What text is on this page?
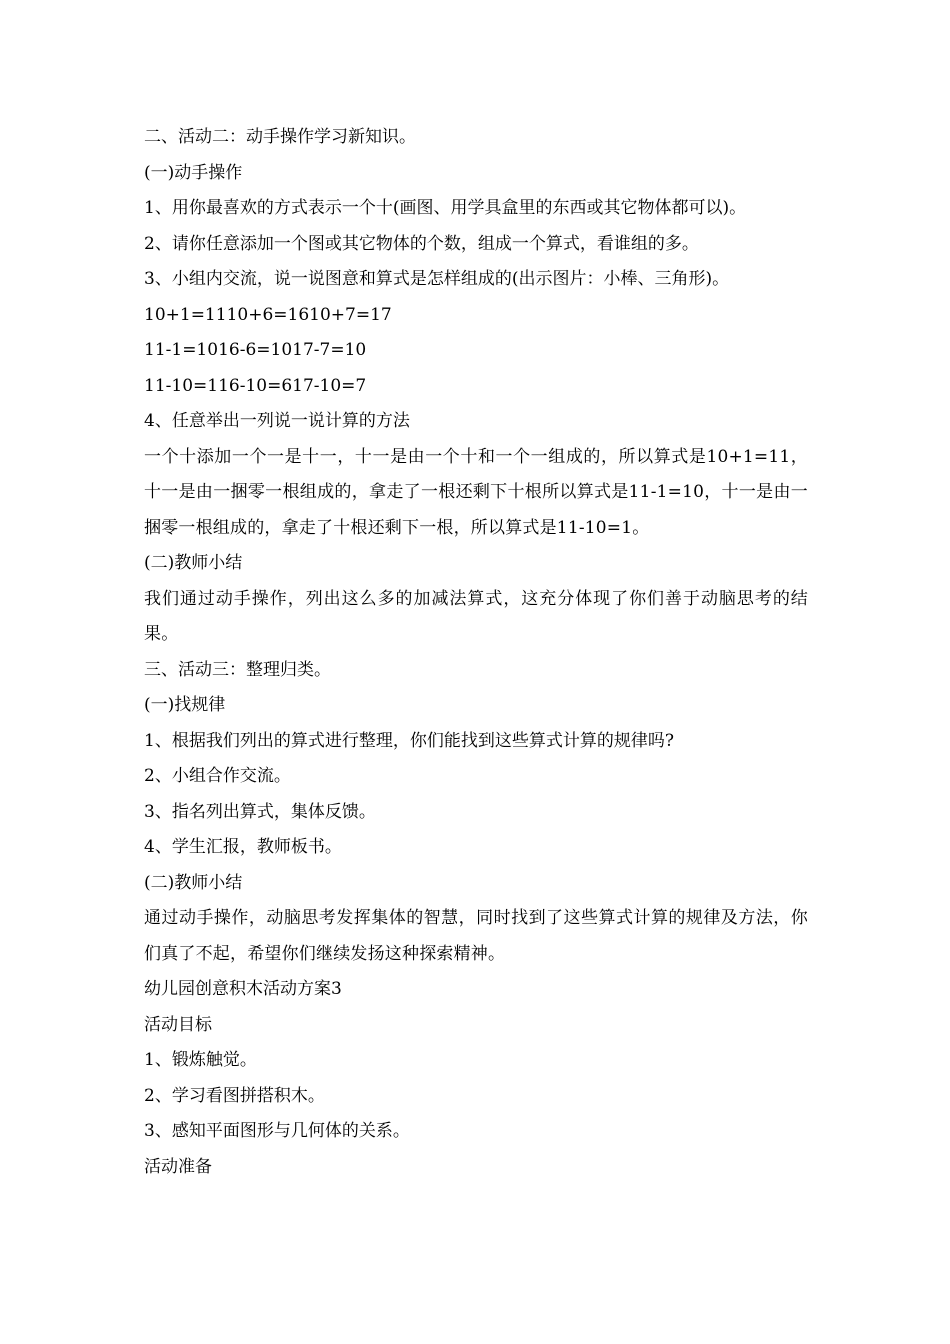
二、活动二：动手操作学习新知识。

(一)动手操作

1、用你最喜欢的方式表示一个十(画图、用学具盒里的东西或其它物体都可以)。

2、请你任意添加一个图或其它物体的个数，组成一个算式，看谁组的多。

3、小组内交流，说一说图意和算式是怎样组成的(出示图片：小棒、三角形)。

10+1=1110+6=1610+7=17

11-1=1016-6=1017-7=10

11-10=116-10=617-10=7

4、任意举出一列说一说计算的方法

一个十添加一个一是十一，十一是由一个十和一个一组成的，所以算式是10+1=11，十一是由一捆零一根组成的，拿走了一根还剩下十根所以算式是11-1=10，十一是由一捆零一根组成的，拿走了十根还剩下一根，所以算式是11-10=1。

(二)教师小结

我们通过动手操作，列出这么多的加减法算式，这充分体现了你们善于动脑思考的结果。

三、活动三：整理归类。

(一)找规律

1、根据我们列出的算式进行整理，你们能找到这些算式计算的规律吗?

2、小组合作交流。

3、指名列出算式，集体反馈。

4、学生汇报，教师板书。

(二)教师小结

通过动手操作，动脑思考发挥集体的智慧，同时找到了这些算式计算的规律及方法，你们真了不起，希望你们继续发扬这种探索精神。

幼儿园创意积木活动方案3

活动目标

1、锻炼触觉。

2、学习看图拼搭积木。

3、感知平面图形与几何体的关系。

活动准备
